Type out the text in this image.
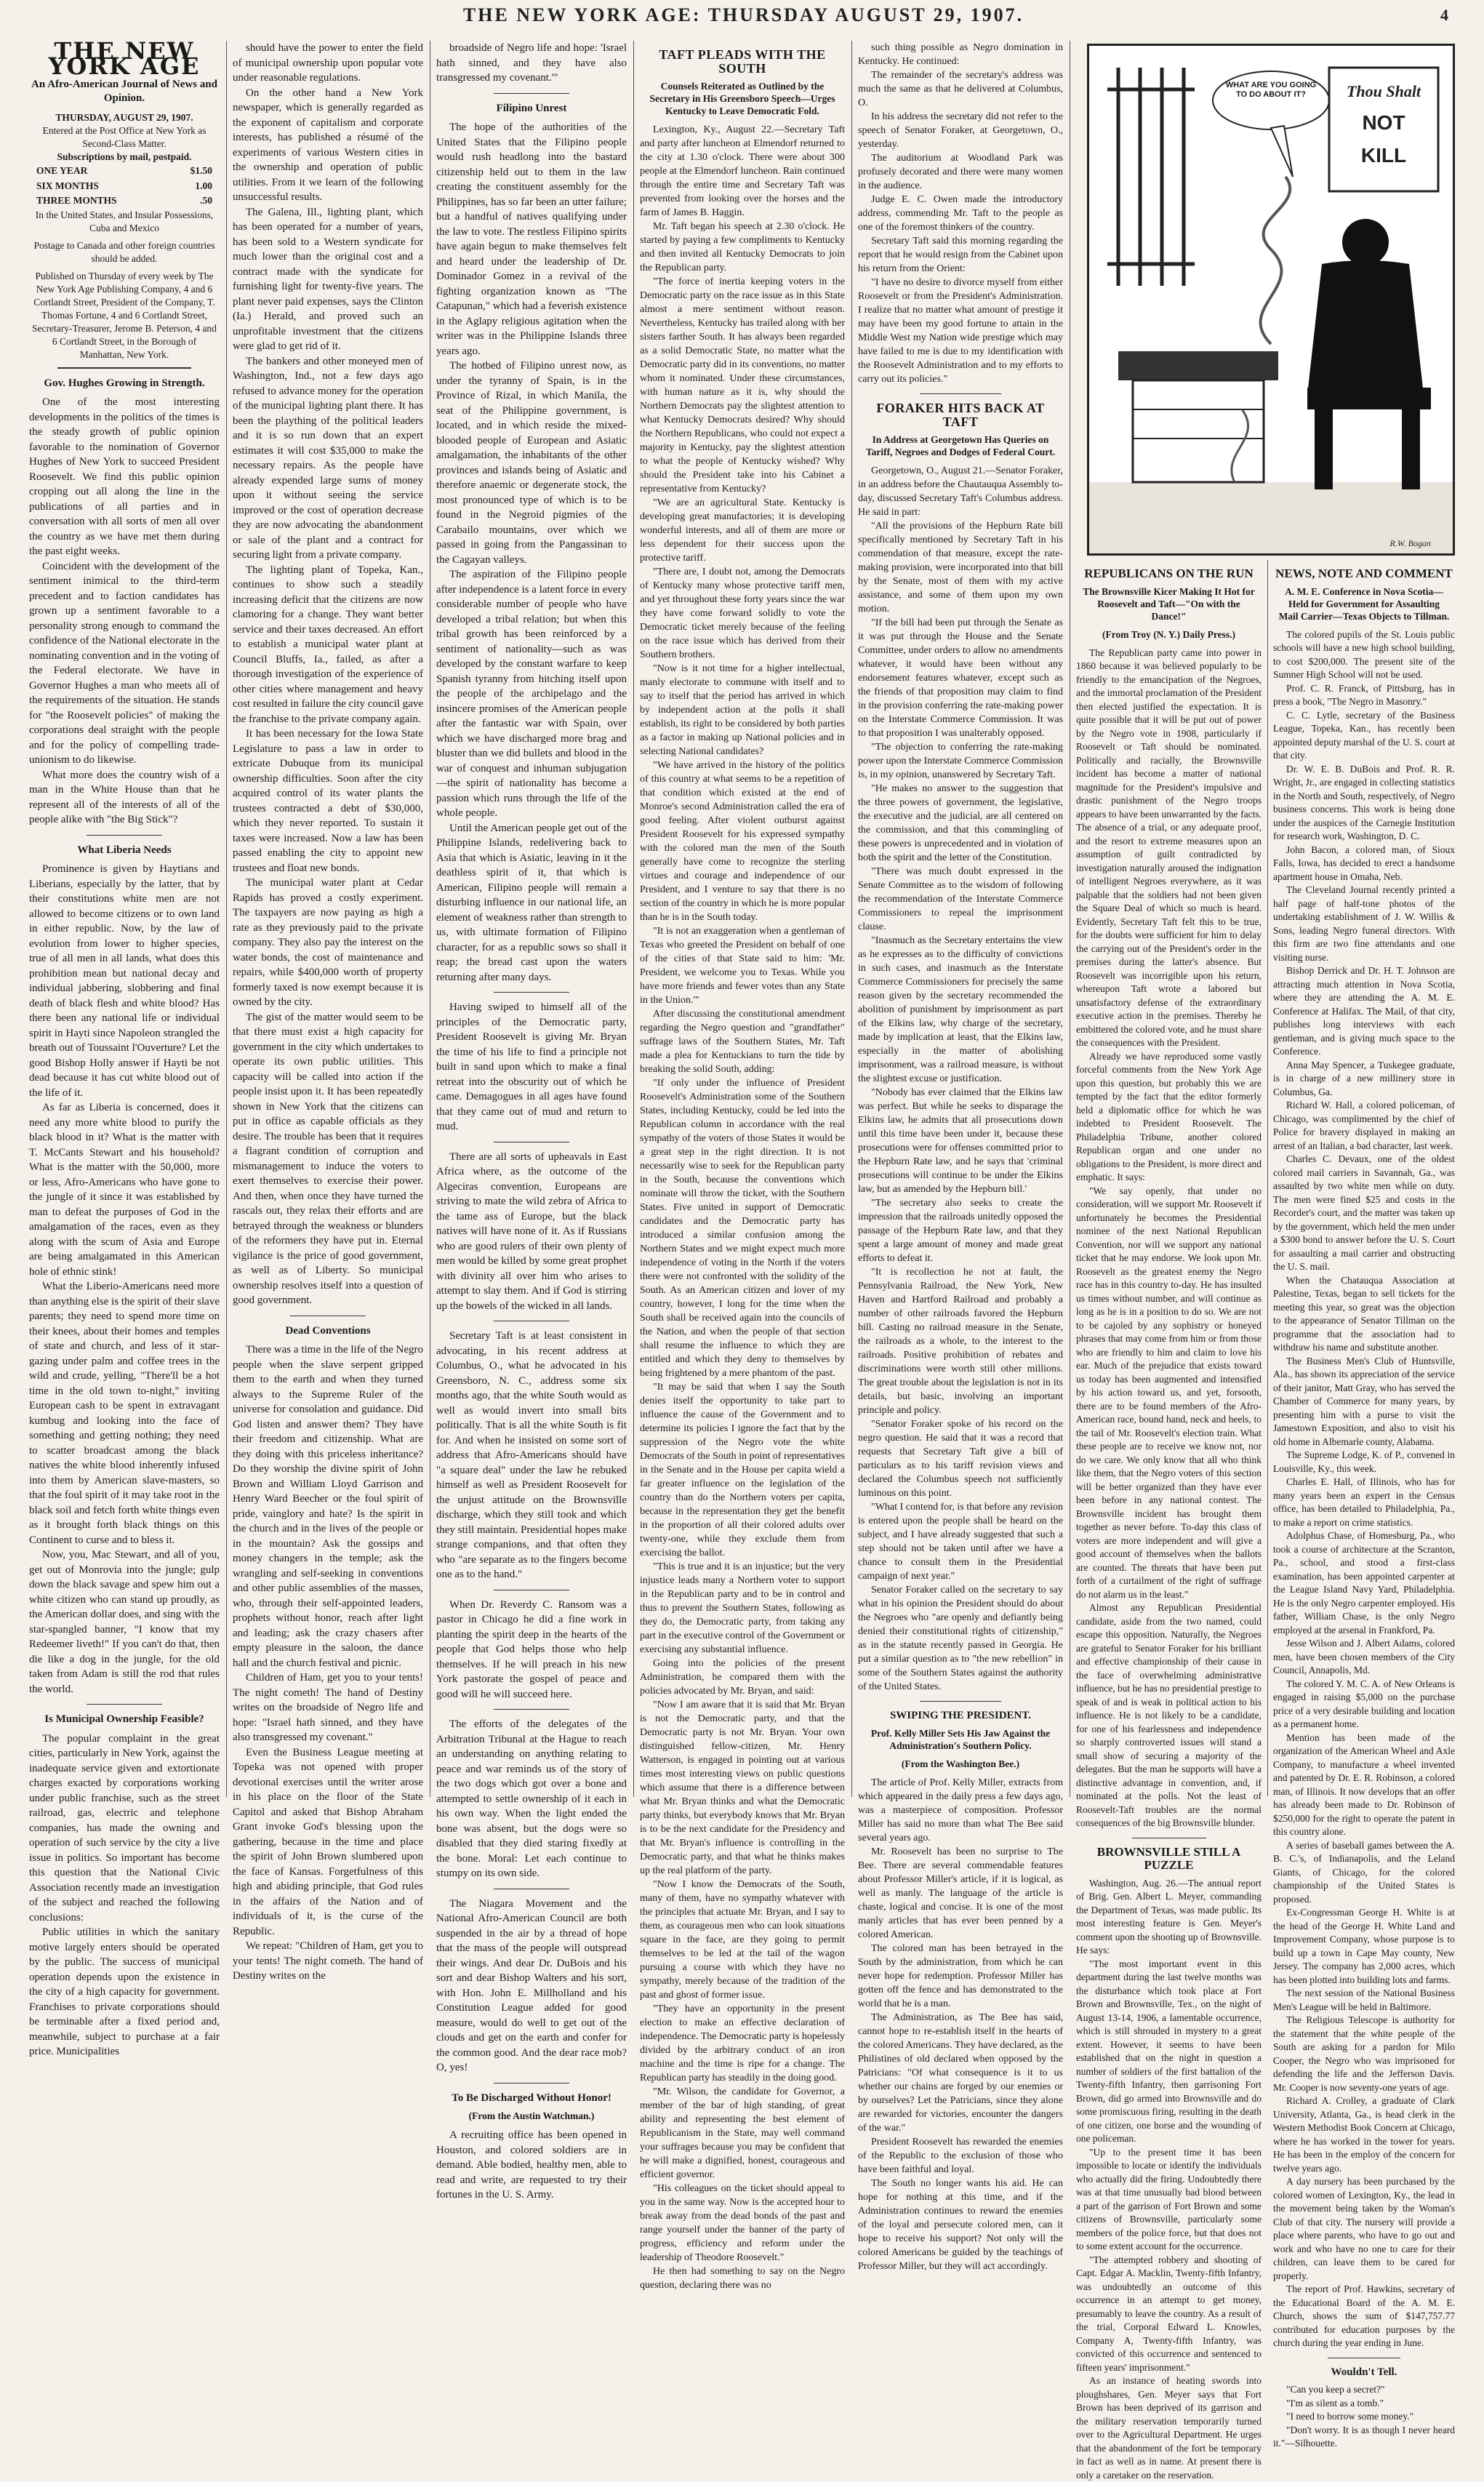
THE NEW YORK AGE: THURSDAY AUGUST 29, 1907.	4
THE NEW YORK AGE
An Afro-American Journal of News and Opinion.
THURSDAY, AUGUST 29, 1907.
Entered at the Post Office at New York as Second-Class Matter.
Subscriptions by mail, postpaid.
ONE YEAR	$1.50
SIX MONTHS	1.00
THREE MONTHS	.50
In the United States, and Insular Possessions, Cuba and Mexico
Postage to Canada and other foreign countries should be added.
Published on Thursday of every week by The New York Age Publishing Company, 4 and 6 Cortlandt Street, President of the Company, T. Thomas Fortune, 4 and 6 Cortlandt Street, Secretary-Treasurer, Jerome B. Peterson, 4 and 6 Cortlandt Street, in the Borough of Manhattan, New York.
Gov. Hughes Growing in Strength.

One of the most interesting developments in the politics of the times is the steady growth of public opinion favorable to the nomination of Governor Hughes of New York to succeed President Roosevelt. We find this public opinion cropping out all along the line in the publications of all parties and in conversation with all sorts of men all over the country as we have met them during the past eight weeks.

Coincident with the development of the sentiment inimical to the third-term precedent and to faction candidates has grown up a sentiment favorable to a personality strong enough to command the confidence of the National electorate in the nominating convention and in the voting of the Federal electorate. We have in Governor Hughes a man who meets all of the requirements of the situation. He stands for "the Roosevelt policies" of making the corporations deal straight with the people and for the policy of compelling trade-unionism to do likewise.

What more does the country wish of a man in the White House than that he represent all of the interests of all of the people alike with "the Big Stick"?

What Liberia Needs

Prominence is given by Haytians and Liberians, especially by the latter, that by their constitutions white men are not allowed to become citizens or to own land in either republic. Now, by the law of evolution from lower to higher species, true of all men in all lands, what does this prohibition mean but national decay and individual jabbering, slobbering and final death of black flesh and white blood? Has there been any national life or individual spirit in Hayti since Napoleon strangled the breath out of Toussaint l'Ouverture? Let the good Bishop Holly answer if Hayti be not dead because it has cut white blood out of the life of it.

As far as Liberia is concerned, does it need any more white blood to purify the black blood in it? What is the matter with T. McCants Stewart and his household? What is the matter with the 50,000, more or less, Afro-Americans who have gone to the jungle of it since it was established by man to defeat the purposes of God in the amalgamation of the races, even as they along with the scum of Asia and Europe are being amalgamated in this American hole of ethnic stink!

What the Liberio-Americans need more than anything else is the spirit of their slave parents; they need to spend more time on their knees, about their homes and temples of state and church, and less of it star-gazing under palm and coffee trees in the wild and crude, yelling, "There'll be a hot time in the old town to-night," inviting European cash to be spent in extravagant kumbug and looking into the face of something and getting nothing; they need to scatter broadcast among the black natives the white blood inherently infused into them by American slave-masters, so that the foul spirit of it may take root in the black soil and fetch forth white things even as it brought forth black things on this Continent to curse and to bless it.

Now, you, Mac Stewart, and all of you, get out of Monrovia into the jungle; gulp down the black savage and spew him out a white citizen who can stand up proudly, as the American dollar does, and sing with the star-spangled banner, "I know that my Redeemer liveth!" If you can't do that, then die like a dog in the jungle, for the old taken from Adam is still the rod that rules the world.

Is Municipal Ownership Feasible?

The popular complaint in the great cities, particularly in New York, against the inadequate service given and extortionate charges exacted by corporations working under public franchise, such as the street railroad, gas, electric and telephone companies, has made the owning and operation of such service by the city a live issue in politics. So important has become this question that the National Civic Association recently made an investigation of the subject and reached the following conclusions:

Public utilities in which the sanitary motive largely enters should be operated by the public. The success of municipal operation depends upon the existence in the city of a high capacity for government. Franchises to private corporations should be terminable after a fixed period and, meanwhile, subject to purchase at a fair price. Municipalities

should have the power to enter the field of municipal ownership upon popular vote under reasonable regulations.

On the other hand a New York newspaper, which is generally regarded as the exponent of capitalism and corporate interests, has published a résumé of the experiments of various Western cities in the ownership and operation of public utilities. From it we learn of the following unsuccessful results.

The Galena, Ill., lighting plant, which has been operated for a number of years, has been sold to a Western syndicate for much lower than the original cost and a contract made with the syndicate for furnishing light for twenty-five years. The plant never paid expenses, says the Clinton (Ia.) Herald, and proved such an unprofitable investment that the citizens were glad to get rid of it.

The bankers and other moneyed men of Washington, Ind., not a few days ago refused to advance money for the operation of the municipal lighting plant there. It has been the plaything of the political leaders and it is so run down that an expert estimates it will cost $35,000 to make the necessary repairs. As the people have already expended large sums of money upon it without seeing the service improved or the cost of operation decrease they are now advocating the abandonment or sale of the plant and a contract for securing light from a private company.

The lighting plant of Topeka, Kan., continues to show such a steadily increasing deficit that the citizens are now clamoring for a change. They want better service and their taxes decreased. An effort to establish a municipal water plant at Council Bluffs, Ia., failed, as after a thorough investigation of the experience of other cities where management and heavy cost resulted in failure the city council gave the franchise to the private company again.

It has been necessary for the Iowa State Legislature to pass a law in order to extricate Dubuque from its municipal ownership difficulties. Soon after the city acquired control of its water plants the trustees contracted a debt of $30,000, which they never reported. To sustain it taxes were increased. Now a law has been passed enabling the city to appoint new trustees and float new bonds.

The municipal water plant at Cedar Rapids has proved a costly experiment. The taxpayers are now paying as high a rate as they previously paid to the private company. They also pay the interest on the water bonds, the cost of maintenance and repairs, while $400,000 worth of property formerly taxed is now exempt because it is owned by the city.

The gist of the matter would seem to be that there must exist a high capacity for government in the city which undertakes to operate its own public utilities. This capacity will be called into action if the people insist upon it. It has been repeatedly shown in New York that the citizens can put in office as capable officials as they desire. The trouble has been that it requires a flagrant condition of corruption and mismanagement to induce the voters to exert themselves to exercise their power. And then, when once they have turned the rascals out, they relax their efforts and are betrayed through the weakness or blunders of the reformers they have put in. Eternal vigilance is the price of good government, as well as of Liberty. So municipal ownership resolves itself into a question of good government.

Dead Conventions

There was a time in the life of the Negro people when the slave serpent gripped them to the earth and when they turned always to the Supreme Ruler of the universe for consolation and guidance. Did God listen and answer them? They have their freedom and citizenship. What are they doing with this priceless inheritance? Do they worship the divine spirit of John Brown and William Lloyd Garrison and Henry Ward Beecher or the foul spirit of pride, vainglory and hate? Is the spirit in the church and in the lives of the people or in the mountain? Ask the gossips and money changers in the temple; ask the wrangling and self-seeking in conventions and other public assemblies of the masses, who, through their self-appointed leaders, prophets without honor, reach after light and leading; ask the crazy chasers after empty pleasure in the saloon, the dance hall and the church festival and picnic.

Children of Ham, get you to your tents! The night cometh! The hand of Destiny writes on the broadside of Negro life and hope: "Israel hath sinned, and they have also transgressed my covenant."

Even the Business League meeting at Topeka was not opened with proper devotional exercises until the writer arose in his place on the floor of the State Capitol and asked that Bishop Abraham Grant invoke God's blessing upon the gathering, because in the time and place the spirit of John Brown slumbered upon the face of Kansas. Forgetfulness of this high and abiding principle, that God rules in the affairs of the Nation and of individuals of it, is the curse of the Republic.

We repeat: "Children of Ham, get you to your tents! The night cometh. The hand of Destiny writes on the

broadside of Negro life and hope: 'Israel hath sinned, and they have also transgressed my covenant.'"

Filipino Unrest

The hope of the authorities of the United States that the Filipino people would rush headlong into the bastard citizenship held out to them in the law creating the constituent assembly for the Philippines, has so far been an utter failure; but a handful of natives qualifying under the law to vote. The restless Filipino spirits have again begun to make themselves felt and heard under the leadership of Dr. Dominador Gomez in a revival of the fighting organization known as "The Catapunan," which had a feverish existence in the Aglapy religious agitation when the writer was in the Philippine Islands three years ago.

The hotbed of Filipino unrest now, as under the tyranny of Spain, is in the Province of Rizal, in which Manila, the seat of the Philippine government, is located, and in which reside the mixed-blooded people of European and Asiatic amalgamation, the inhabitants of the other provinces and islands being of Asiatic and therefore anaemic or degenerate stock, the most pronounced type of which is to be found in the Negroid pigmies of the Carabailo mountains, over which we passed in going from the Pangassinan to the Cagayan valleys.

The aspiration of the Filipino people after independence is a latent force in every considerable number of people who have developed a tribal relation; but when this tribal growth has been reinforced by a sentiment of nationality—such as was developed by the constant warfare to keep Spanish tyranny from hitching itself upon the people of the archipelago and the insincere promises of the American people after the fantastic war with Spain, over which we have discharged more brag and bluster than we did bullets and blood in the war of conquest and inhuman subjugation—the spirit of nationality has become a passion which runs through the life of the whole people.

Until the American people get out of the Philippine Islands, redelivering back to Asia that which is Asiatic, leaving in it the deathless spirit of it, that which is American, Filipino people will remain a disturbing influence in our national life, an element of weakness rather than strength to us, with ultimate formation of Filipino character, for as a republic sows so shall it reap; the bread cast upon the waters returning after many days.

Having swiped to himself all of the principles of the Democratic party, President Roosevelt is giving Mr. Bryan the time of his life to find a principle not built in sand upon which to make a final retreat into the obscurity out of which he came. Demagogues in all ages have found that they came out of mud and return to mud.

There are all sorts of upheavals in East Africa where, as the outcome of the Algeciras convention, Europeans are striving to mate the wild zebra of Africa to the tame ass of Europe, but the black natives will have none of it. As if Russians who are good rulers of their own plenty of men would be killed by some great prophet with divinity all over him who arises to attempt to slay them. And if God is stirring up the bowels of the wicked in all lands.

Secretary Taft is at least consistent in advocating, in his recent address at Columbus, O., what he advocated in his Greensboro, N. C., address some six months ago, that the white South would as well as would invert into small bits politically. That is all the white South is fit for. And when he insisted on some sort of address that Afro-Americans should have "a square deal" under the law he rebuked himself as well as President Roosevelt for the unjust attitude on the Brownsville discharge, which they still took and which they still maintain. Presidential hopes make strange companions, and that often they who "are separate as to the fingers become one as to the hand."

When Dr. Reverdy C. Ransom was a pastor in Chicago he did a fine work in planting the spirit deep in the hearts of the people that God helps those who help themselves. If he will preach in his new York pastorate the gospel of peace and good will he will succeed here.

The efforts of the delegates of the Arbitration Tribunal at the Hague to reach an understanding on anything relating to peace and war reminds us of the story of the two dogs which got over a bone and attempted to settle ownership of it each in his own way. When the light ended the bone was absent, but the dogs were so disabled that they died staring fixedly at the bone. Moral: Let each continue to stumpy on its own side.

The Niagara Movement and the National Afro-American Council are both suspended in the air by a thread of hope that the mass of the people will outspread their wings. And dear Dr. DuBois and his sort and dear Bishop Walters and his sort, with Hon. John E. Millholland and his Constitution League added for good measure, would do well to get out of the clouds and get on the earth and confer for the common good. And the dear race mob? O, yes!

To Be Discharged Without Honor!
(From the Austin Watchman.)

A recruiting office has been opened in Houston, and colored soldiers are in demand. Able bodied, healthy men, able to read and write, are requested to try their fortunes in the U. S. Army.

TAFT PLEADS WITH THE SOUTH
Counsels Reiterated as Outlined by the Secretary in His Greensboro Speech—Urges Kentucky to Leave Democratic Fold.

Lexington, Ky., August 22.—Secretary Taft and party after luncheon at Elmendorf returned to the city at 1.30 o'clock. There were about 300 people at the Elmendorf luncheon. Rain continued through the entire time and Secretary Taft was prevented from looking over the horses and the farm of James B. Haggin.

Mr. Taft began his speech at 2.30 o'clock. He started by paying a few compliments to Kentucky and then invited all Kentucky Democrats to join the Republican party.

"The force of inertia keeping voters in the Democratic party on the race issue as in this State almost a mere sentiment without reason. Nevertheless, Kentucky has trailed along with her sisters farther South. It has always been regarded as a solid Democratic State, no matter what the Democratic party did in its conventions, no matter whom it nominated. Under these circumstances, with human nature as it is, why should the Northern Democrats pay the slightest attention to what Kentucky Democrats desired? Why should the Northern Republicans, who could not expect a majority in Kentucky, pay the slightest attention to what the people of Kentucky wished? Why should the President take into his Cabinet a representative from Kentucky?

"We are an agricultural State. Kentucky is developing great manufactories; it is developing wonderful interests, and all of them are more or less dependent for their success upon the protective tariff.

"There are, I doubt not, among the Democrats of Kentucky many whose protective tariff men, and yet throughout these forty years since the war they have come forward solidly to vote the Democratic ticket merely because of the feeling on the race issue which has derived from their Southern brothers.

"Now is it not time for a higher intellectual, manly electorate to commune with itself and to say to itself that the period has arrived in which by independent action at the polls it shall establish, its right to be considered by both parties as a factor in making up National policies and in selecting National candidates?

"We have arrived in the history of the politics of this country at what seems to be a repetition of that condition which existed at the end of Monroe's second Administration called the era of good feeling. After violent outburst against President Roosevelt for his expressed sympathy with the colored man the men of the South generally have come to recognize the sterling virtues and courage and independence of our President, and I venture to say that there is no section of the country in which he is more popular than he is in the South today.

"It is not an exaggeration when a gentleman of Texas who greeted the President on behalf of one of the cities of that State said to him: 'Mr. President, we welcome you to Texas. While you have more friends and fewer votes than any State in the Union.'"

After discussing the constitutional amendment regarding the Negro question and "grandfather" suffrage laws of the Southern States, Mr. Taft made a plea for Kentuckians to turn the tide by breaking the solid South, adding:

"If only under the influence of President Roosevelt's Administration some of the Southern States, including Kentucky, could be led into the Republican column in accordance with the real sympathy of the voters of those States it would be a great step in the right direction. It is not necessarily wise to seek for the Republican party in the South, because the conventions which nominate will throw the ticket, with the Southern States. Five united in support of Democratic candidates and the Democratic party has introduced a similar confusion among the Northern States and we might expect much more independence of voting in the North if the voters there were not confronted with the solidity of the South. As an American citizen and lover of my country, however, I long for the time when the South shall be received again into the councils of the Nation, and when the people of that section shall resume the influence to which they are entitled and which they deny to themselves by being frightened by a mere phantom of the past.

"It may be said that when I say the South denies itself the opportunity to take part to influence the cause of the Government and to determine its policies I ignore the fact that by the suppression of the Negro vote the white Democrats of the South in point of representatives in the Senate and in the House per capita wield a far greater influence on the legislation of the country than do the Northern voters per capita, because in the representation they get the benefit in the proportion of all their colored adults over twenty-one, while they exclude them from exercising the ballot.

"This is true and it is an injustice; but the very injustice leads many a Northern voter to support in the Republican party and to be in control and thus to prevent the Southern States, following as they do, the Democratic party, from taking any part in the executive control of the Government or exercising any substantial influence.

Going into the policies of the present Administration, he compared them with the policies advocated by Mr. Bryan, and said:

"Now I am aware that it is said that Mr. Bryan is not the Democratic party, and that the Democratic party is not Mr. Bryan. Your own distinguished fellow-citizen, Mr. Henry Watterson, is engaged in pointing out at various times most interesting views on public questions which assume that there is a difference between what Mr. Bryan thinks and what the Democratic party thinks, but everybody knows that Mr. Bryan is to be the next candidate for the Presidency and that Mr. Bryan's influence is controlling in the Democratic party, and that what he thinks makes up the real platform of the party.

"Now I know the Democrats of the South, many of them, have no sympathy whatever with the principles that actuate Mr. Bryan, and I say to them, as courageous men who can look situations square in the face, are they going to permit themselves to be led at the tail of the wagon pursuing a course with which they have no sympathy, merely because of the tradition of the past and ghost of former issue.

"They have an opportunity in the present election to make an effective declaration of independence. The Democratic party is hopelessly divided by the arbitrary conduct of an iron machine and the time is ripe for a change. The Republican party has steadily in the doing good.

"Mr. Wilson, the candidate for Governor, a member of the bar of high standing, of great ability and representing the best element of Republicanism in the State, may well command your suffrages because you may be confident that he will make a dignified, honest, courageous and efficient governor.

"His colleagues on the ticket should appeal to you in the same way. Now is the accepted hour to break away from the dead bonds of the past and range yourself under the banner of the party of progress, efficiency and reform under the leadership of Theodore Roosevelt."

He then had something to say on the Negro question, declaring there was no

such thing possible as Negro domination in Kentucky. He continued:

The remainder of the secretary's address was much the same as that he delivered at Columbus, O.

In his address the secretary did not refer to the speech of Senator Foraker, at Georgetown, O., yesterday.

The auditorium at Woodland Park was profusely decorated and there were many women in the audience.

Judge E. C. Owen made the introductory address, commending Mr. Taft to the people as one of the foremost thinkers of the country.

Secretary Taft said this morning regarding the report that he would resign from the Cabinet upon his return from the Orient:

"I have no desire to divorce myself from either Roosevelt or from the President's Administration. I realize that no matter what amount of prestige it may have been my good fortune to attain in the Middle West my Nation wide prestige which may have failed to me is due to my identification with the Roosevelt Administration and to my efforts to carry out its policies."

FORAKER HITS BACK AT TAFT
In Address at Georgetown Has Queries on Tariff, Negroes and Dodges of Federal Court.

Georgetown, O., August 21.—Senator Foraker, in an address before the Chautauqua Assembly to-day, discussed Secretary Taft's Columbus address. He said in part:

"All the provisions of the Hepburn Rate bill specifically mentioned by Secretary Taft in his commendation of that measure, except the rate-making provision, were incorporated into that bill by the Senate, most of them with my active assistance, and some of them upon my own motion.

"If the bill had been put through the Senate as it was put through the House and the Senate Committee, under orders to allow no amendments whatever, it would have been without any endorsement features whatever, except such as the friends of that proposition may claim to find in the provision conferring the rate-making power on the Interstate Commerce Commission. It was to that proposition I was unalterably opposed.

"The objection to conferring the rate-making power upon the Interstate Commerce Commission is, in my opinion, unanswered by Secretary Taft.

"He makes no answer to the suggestion that the three powers of government, the legislative, the executive and the judicial, are all centered on the commission, and that this commingling of these powers is unprecedented and in violation of both the spirit and the letter of the Constitution.

"There was much doubt expressed in the Senate Committee as to the wisdom of following the recommendation of the Interstate Commerce Commissioners to repeal the imprisonment clause.

"Inasmuch as the Secretary entertains the view as he expresses as to the difficulty of convictions in such cases, and inasmuch as the Interstate Commerce Commissioners for precisely the same reason given by the secretary recommended the abolition of punishment by imprisonment as part of the Elkins law, why charge of the secretary, made by implication at least, that the Elkins law, especially in the matter of abolishing imprisonment, was a railroad measure, is without the slightest excuse or justification.

"Nobody has ever claimed that the Elkins law was perfect. But while he seeks to disparage the Elkins law, he admits that all prosecutions down until this time have been under it, because these prosecutions were for offenses committed prior to the Hepburn Rate law, and he says that 'criminal prosecutions will continue to be under the Elkins law, but as amended by the Hepburn bill.'

"The secretary also seeks to create the impression that the railroads unitedly opposed the passage of the Hepburn Rate law, and that they spent a large amount of money and made great efforts to defeat it.

"It is recollection he not at fault, the Pennsylvania Railroad, the New York, New Haven and Hartford Railroad and probably a number of other railroads favored the Hepburn bill. Casting no railroad measure in the Senate, the railroads as a whole, to the interest to the railroads. Positive prohibition of rebates and discriminations were worth still other millions. The great trouble about the legislation is not in its details, but basic, involving an important principle and policy.

"Senator Foraker spoke of his record on the negro question. He said that it was a record that requests that Secretary Taft give a bill of particulars as to his tariff revision views and declared the Columbus speech not sufficiently luminous on this point.

"What I contend for, is that before any revision is entered upon the people shall be heard on the subject, and I have already suggested that such a step should not be taken until after we have a chance to consult them in the Presidential campaign of next year."

Senator Foraker called on the secretary to say what in his opinion the President should do about the Negroes who "are openly and defiantly being denied their constitutional rights of citizenship," as in the statute recently passed in Georgia. He put a similar question as to "the new rebellion" in some of the Southern States against the authority of the United States.

SWIPING THE PRESIDENT.
Prof. Kelly Miller Sets His Jaw Against the Administration's Southern Policy.
(From the Washington Bee.)

The article of Prof. Kelly Miller, extracts from which appeared in the daily press a few days ago, was a masterpiece of composition. Professor Miller has said no more than what The Bee said several years ago.

Mr. Roosevelt has been no surprise to The Bee. There are several commendable features about Professor Miller's article, if it is logical, as well as manly. The language of the article is chaste, logical and concise. It is one of the most manly articles that has ever been penned by a colored American.

The colored man has been betrayed in the South by the administration, from which he can never hope for redemption. Professor Miller has gotten off the fence and has demonstrated to the world that he is a man.

The Administration, as The Bee has said, cannot hope to re-establish itself in the hearts of the colored Americans. They have declared, as the Philistines of old declared when opposed by the Patricians: "Of what consequence is it to us whether our chains are forged by our enemies or by ourselves? Let the Patricians, since they alone are rewarded for victories, encounter the dangers of the war."

President Roosevelt has rewarded the enemies of the Republic to the exclusion of those who have been faithful and loyal.

The South no longer wants his aid. He can hope for nothing at this time, and if the Administration continues to reward the enemies of the loyal and persecute colored men, can it hope to receive his support? Not only will the colored Americans be guided by the teachings of Professor Miller, but they will act accordingly.

WHAT ARE YOU GOING TO DO ABOUT IT?	Thou Shalt
NOT
KILL
R.W. Bogan
REPUBLICANS ON THE RUN
The Brownsville Kicer Making It Hot for Roosevelt and Taft—"On with the Dance!"
(From Troy (N. Y.) Daily Press.)

The Republican party came into power in 1860 because it was believed popularly to be friendly to the emancipation of the Negroes, and the immortal proclamation of the President then elected justified the expectation. It is quite possible that it will be put out of power by the Negro vote in 1908, particularly if Roosevelt or Taft should be nominated. Politically and racially, the Brownsville incident has become a matter of national magnitude for the President's impulsive and drastic punishment of the Negro troops appears to have been unwarranted by the facts. The absence of a trial, or any adequate proof, and the resort to extreme measures upon an assumption of guilt contradicted by investigation naturally aroused the indignation of intelligent Negroes everywhere, as it was palpable that the soldiers had not been given the Square Deal of which so much is heard. Evidently, Secretary Taft felt this to be true, for the doubts were sufficient for him to delay the carrying out of the President's order in the premises during the latter's absence. But Roosevelt was incorrigible upon his return, whereupon Taft wrote a labored but unsatisfactory defense of the extraordinary executive action in the premises. Thereby he embittered the colored vote, and he must share the consequences with the President.

Already we have reproduced some vastly forceful comments from the New York Age upon this question, but probably this we are tempted by the fact that the editor formerly held a diplomatic office for which he was indebted to President Roosevelt. The Philadelphia Tribune, another colored Republican organ and one under no obligations to the President, is more direct and emphatic. It says:

"We say openly, that under no consideration, will we support Mr. Roosevelt if unfortunately he becomes the Presidential nominee of the next National Republican Convention, nor will we support any national ticket that he may endorse. We look upon Mr. Roosevelt as the greatest enemy the Negro race has in this country to-day. He has insulted us times without number, and will continue as long as he is in a position to do so. We are not to be cajoled by any sophistry or honeyed phrases that may come from him or from those who are friendly to him and claim to love his ear. Much of the prejudice that exists toward us today has been augmented and intensified by his action toward us, and yet, forsooth, there are to be found members of the Afro-American race, bound hand, neck and heels, to the tail of Mr. Roosevelt's election train. What these people are to receive we know not, nor do we care. We only know that all who think like them, that the Negro voters of this section will be better organized than they have ever been before in any national contest. The Brownsville incident has brought them together as never before. To-day this class of voters are more independent and will give a good account of themselves when the ballots are counted. The threats that have been put forth of a curtailment of the right of suffrage do not alarm us in the least."

Almost any Republican Presidential candidate, aside from the two named, could escape this opposition. Naturally, the Negroes are grateful to Senator Foraker for his brilliant and effective championship of their cause in the face of overwhelming administrative influence, but he has no presidential prestige to speak of and is weak in political action to his influence. He is not likely to be a candidate, for one of his fearlessness and independence so sharply controverted issues will stand a small show of securing a majority of the delegates. But the man he supports will have a distinctive advantage in convention, and, if nominated at the polls. Not the least of Roosevelt-Taft troubles are the normal consequences of the big Brownsville blunder.

BROWNSVILLE STILL A PUZZLE

Washington, Aug. 26.—The annual report of Brig. Gen. Albert L. Meyer, commanding the Department of Texas, was made public. Its most interesting feature is Gen. Meyer's comment upon the shooting up of Brownsville. He says:

"The most important event in this department during the last twelve months was the disturbance which took place at Fort Brown and Brownsville, Tex., on the night of August 13-14, 1906, a lamentable occurrence, which is still shrouded in mystery to a great extent. However, it seems to have been established that on the night in question a number of soldiers of the first battalion of the Twenty-fifth Infantry, then garrisoning Fort Brown, did go armed into Brownsville and do some promiscuous firing, resulting in the death of one citizen, one horse and the wounding of one policeman.

"Up to the present time it has been impossible to locate or identify the individuals who actually did the firing. Undoubtedly there was at that time unusually bad blood between a part of the garrison of Fort Brown and some citizens of Brownsville, particularly some members of the police force, but that does not to some extent account for the occurrence.

"The attempted robbery and shooting of Capt. Edgar A. Macklin, Twenty-fifth Infantry, was undoubtedly an outcome of this occurrence in an attempt to get money, presumably to leave the country. As a result of the trial, Corporal Edward L. Knowles, Company A, Twenty-fifth Infantry, was convicted of this occurrence and sentenced to fifteen years' imprisonment."

As an instance of heating swords into ploughshares, Gen. Meyer says that Fort Brown has been deprived of its garrison and the military reservation temporarily turned over to the Agricultural Department. He urges that the abandonment of the fort be temporary in fact as well as in name. At present there is only a caretaker on the reservation.

NEWS, NOTE AND COMMENT
A. M. E. Conference in Nova Scotia—Held for Government for Assaulting Mail Carrier—Texas Objects to Tillman.

The colored pupils of the St. Louis public schools will have a new high school building, to cost $200,000. The present site of the Sumner High School will not be used.

Prof. C. R. Franck, of Pittsburg, has in press a book, "The Negro in Masonry."

C. C. Lytle, secretary of the Business League, Topeka, Kan., has recently been appointed deputy marshal of the U. S. court at that city.

Dr. W. E. B. DuBois and Prof. R. R. Wright, Jr., are engaged in collecting statistics in the North and South, respectively, of Negro business concerns. This work is being done under the auspices of the Carnegie Institution for research work, Washington, D. C.

John Bacon, a colored man, of Sioux Falls, Iowa, has decided to erect a handsome apartment house in Omaha, Neb.

The Cleveland Journal recently printed a half page of half-tone photos of the undertaking establishment of J. W. Willis & Sons, leading Negro funeral directors. With this firm are two fine attendants and one visiting nurse.

Bishop Derrick and Dr. H. T. Johnson are attracting much attention in Nova Scotia, where they are attending the A. M. E. Conference at Halifax. The Mail, of that city, publishes long interviews with each gentleman, and is giving much space to the Conference.

Anna May Spencer, a Tuskegee graduate, is in charge of a new millinery store in Columbus, Ga.

Richard W. Hall, a colored policeman, of Chicago, was complimented by the chief of Police for bravery displayed in making an arrest of an Italian, a bad character, last week.

Charles C. Devaux, one of the oldest colored mail carriers in Savannah, Ga., was assaulted by two white men while on duty. The men were fined $25 and costs in the Recorder's court, and the matter was taken up by the government, which held the men under a $300 bond to answer before the U. S. Court for assaulting a mail carrier and obstructing the U. S. mail.

When the Chatauqua Association at Palestine, Texas, began to sell tickets for the meeting this year, so great was the objection to the appearance of Senator Tillman on the programme that the association had to withdraw his name and substitute another.

The Business Men's Club of Huntsville, Ala., has shown its appreciation of the service of their janitor, Matt Gray, who has served the Chamber of Commerce for many years, by presenting him with a purse to visit the Jamestown Exposition, and also to visit his old home in Albemarle county, Alabama.

The Supreme Lodge, K. of P., convened in Louisville, Ky., this week.

Charles E. Hall, of Illinois, who has for many years been an expert in the Census office, has been detailed to Philadelphia, Pa., to make a report on crime statistics.

Adolphus Chase, of Homesburg, Pa., who took a course of architecture at the Scranton, Pa., school, and stood a first-class examination, has been appointed carpenter at the League Island Navy Yard, Philadelphia. He is the only Negro carpenter employed. His father, William Chase, is the only Negro employed at the arsenal in Frankford, Pa.

Jesse Wilson and J. Albert Adams, colored men, have been chosen members of the City Council, Annapolis, Md.

The colored Y. M. C. A. of New Orleans is engaged in raising $5,000 on the purchase price of a very desirable building and location as a permanent home.

Mention has been made of the organization of the American Wheel and Axle Company, to manufacture a wheel invented and patented by Dr. E. R. Robinson, a colored man, of Illinois. It now develops that an offer has already been made to Dr. Robinson of $250,000 for the right to operate the patent in this country alone.

A series of baseball games between the A. B. C.'s, of Indianapolis, and the Leland Giants, of Chicago, for the colored championship of the United States is proposed.

Ex-Congressman George H. White is at the head of the George H. White Land and Improvement Company, whose purpose is to build up a town in Cape May county, New Jersey. The company has 2,000 acres, which has been plotted into building lots and farms.

The next session of the National Business Men's League will be held in Baltimore.

The Religious Telescope is authority for the statement that the white people of the South are asking for a pardon for Milo Cooper, the Negro who was imprisoned for defending the life and the Jefferson Davis. Mr. Cooper is now seventy-one years of age.

Richard A. Crolley, a graduate of Clark University, Atlanta, Ga., is head clerk in the Western Methodist Book Concern at Chicago, where he has worked in the tower for years. He has been in the employ of the concern for twelve years ago.

A day nursery has been purchased by the colored women of Lexington, Ky., the lead in the movement being taken by the Woman's Club of that city. The nursery will provide a place where parents, who have to go out and work and who have no one to care for their children, can leave them to be cared for properly.

The report of Prof. Hawkins, secretary of the Educational Board of the A. M. E. Church, shows the sum of $147,757.77 contributed for education purposes by the church during the year ending in June.

Wouldn't Tell.

"Can you keep a secret?"

"I'm as silent as a tomb."

"I need to borrow some money."

"Don't worry. It is as though I never heard it."—Silhouette.
